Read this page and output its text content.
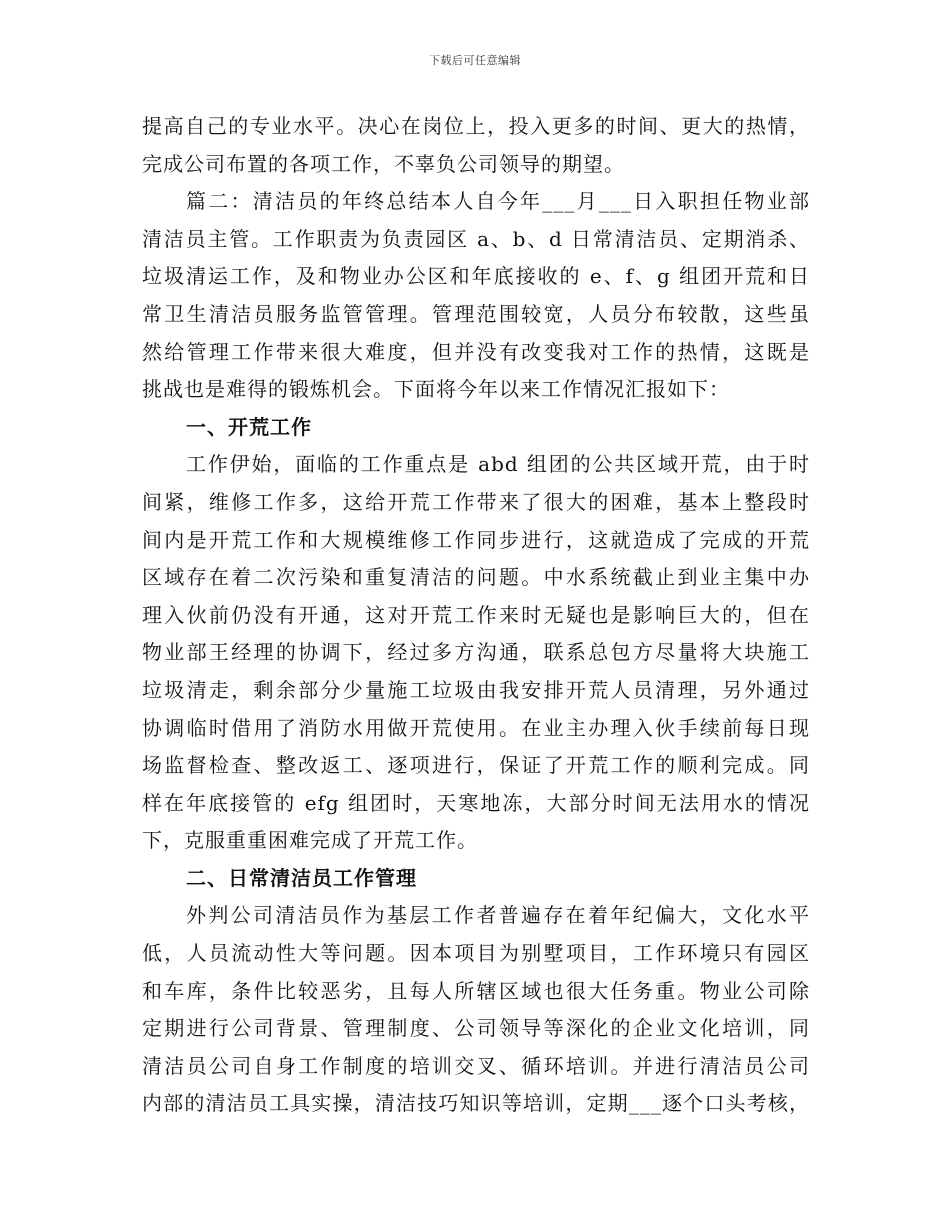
下载后可任意编辑
提高自己的专业水平。决心在岗位上，投入更多的时间、更大的热情，
完成公司布置的各项工作，不辜负公司领导的期望。
篇二：清洁员的年终总结本人自今年___月___日入职担任物业部
清洁员主管。工作职责为负责园区 a、b、d 日常清洁员、定期消杀、
垃圾清运工作，及和物业办公区和年底接收的 e、f、g 组团开荒和日
常卫生清洁员服务监管管理。管理范围较宽，人员分布较散，这些虽
然给管理工作带来很大难度，但并没有改变我对工作的热情，这既是
挑战也是难得的锻炼机会。下面将今年以来工作情况汇报如下：
一、开荒工作
工作伊始，面临的工作重点是 abd 组团的公共区域开荒，由于时
间紧，维修工作多，这给开荒工作带来了很大的困难，基本上整段时
间内是开荒工作和大规模维修工作同步进行，这就造成了完成的开荒
区域存在着二次污染和重复清洁的问题。中水系统截止到业主集中办
理入伙前仍没有开通，这对开荒工作来时无疑也是影响巨大的，但在
物业部王经理的协调下，经过多方沟通，联系总包方尽量将大块施工
垃圾清走，剩余部分少量施工垃圾由我安排开荒人员清理，另外通过
协调临时借用了消防水用做开荒使用。在业主办理入伙手续前每日现
场监督检查、整改返工、逐项进行，保证了开荒工作的顺利完成。同
样在年底接管的 efg 组团时，天寒地冻，大部分时间无法用水的情况
下，克服重重困难完成了开荒工作。
二、日常清洁员工作管理
外判公司清洁员作为基层工作者普遍存在着年纪偏大，文化水平
低，人员流动性大等问题。因本项目为别墅项目，工作环境只有园区
和车库，条件比较恶劣，且每人所辖区域也很大任务重。物业公司除
定期进行公司背景、管理制度、公司领导等深化的企业文化培训，同
清洁员公司自身工作制度的培训交叉、循环培训。并进行清洁员公司
内部的清洁员工具实操，清洁技巧知识等培训，定期___逐个口头考核，
